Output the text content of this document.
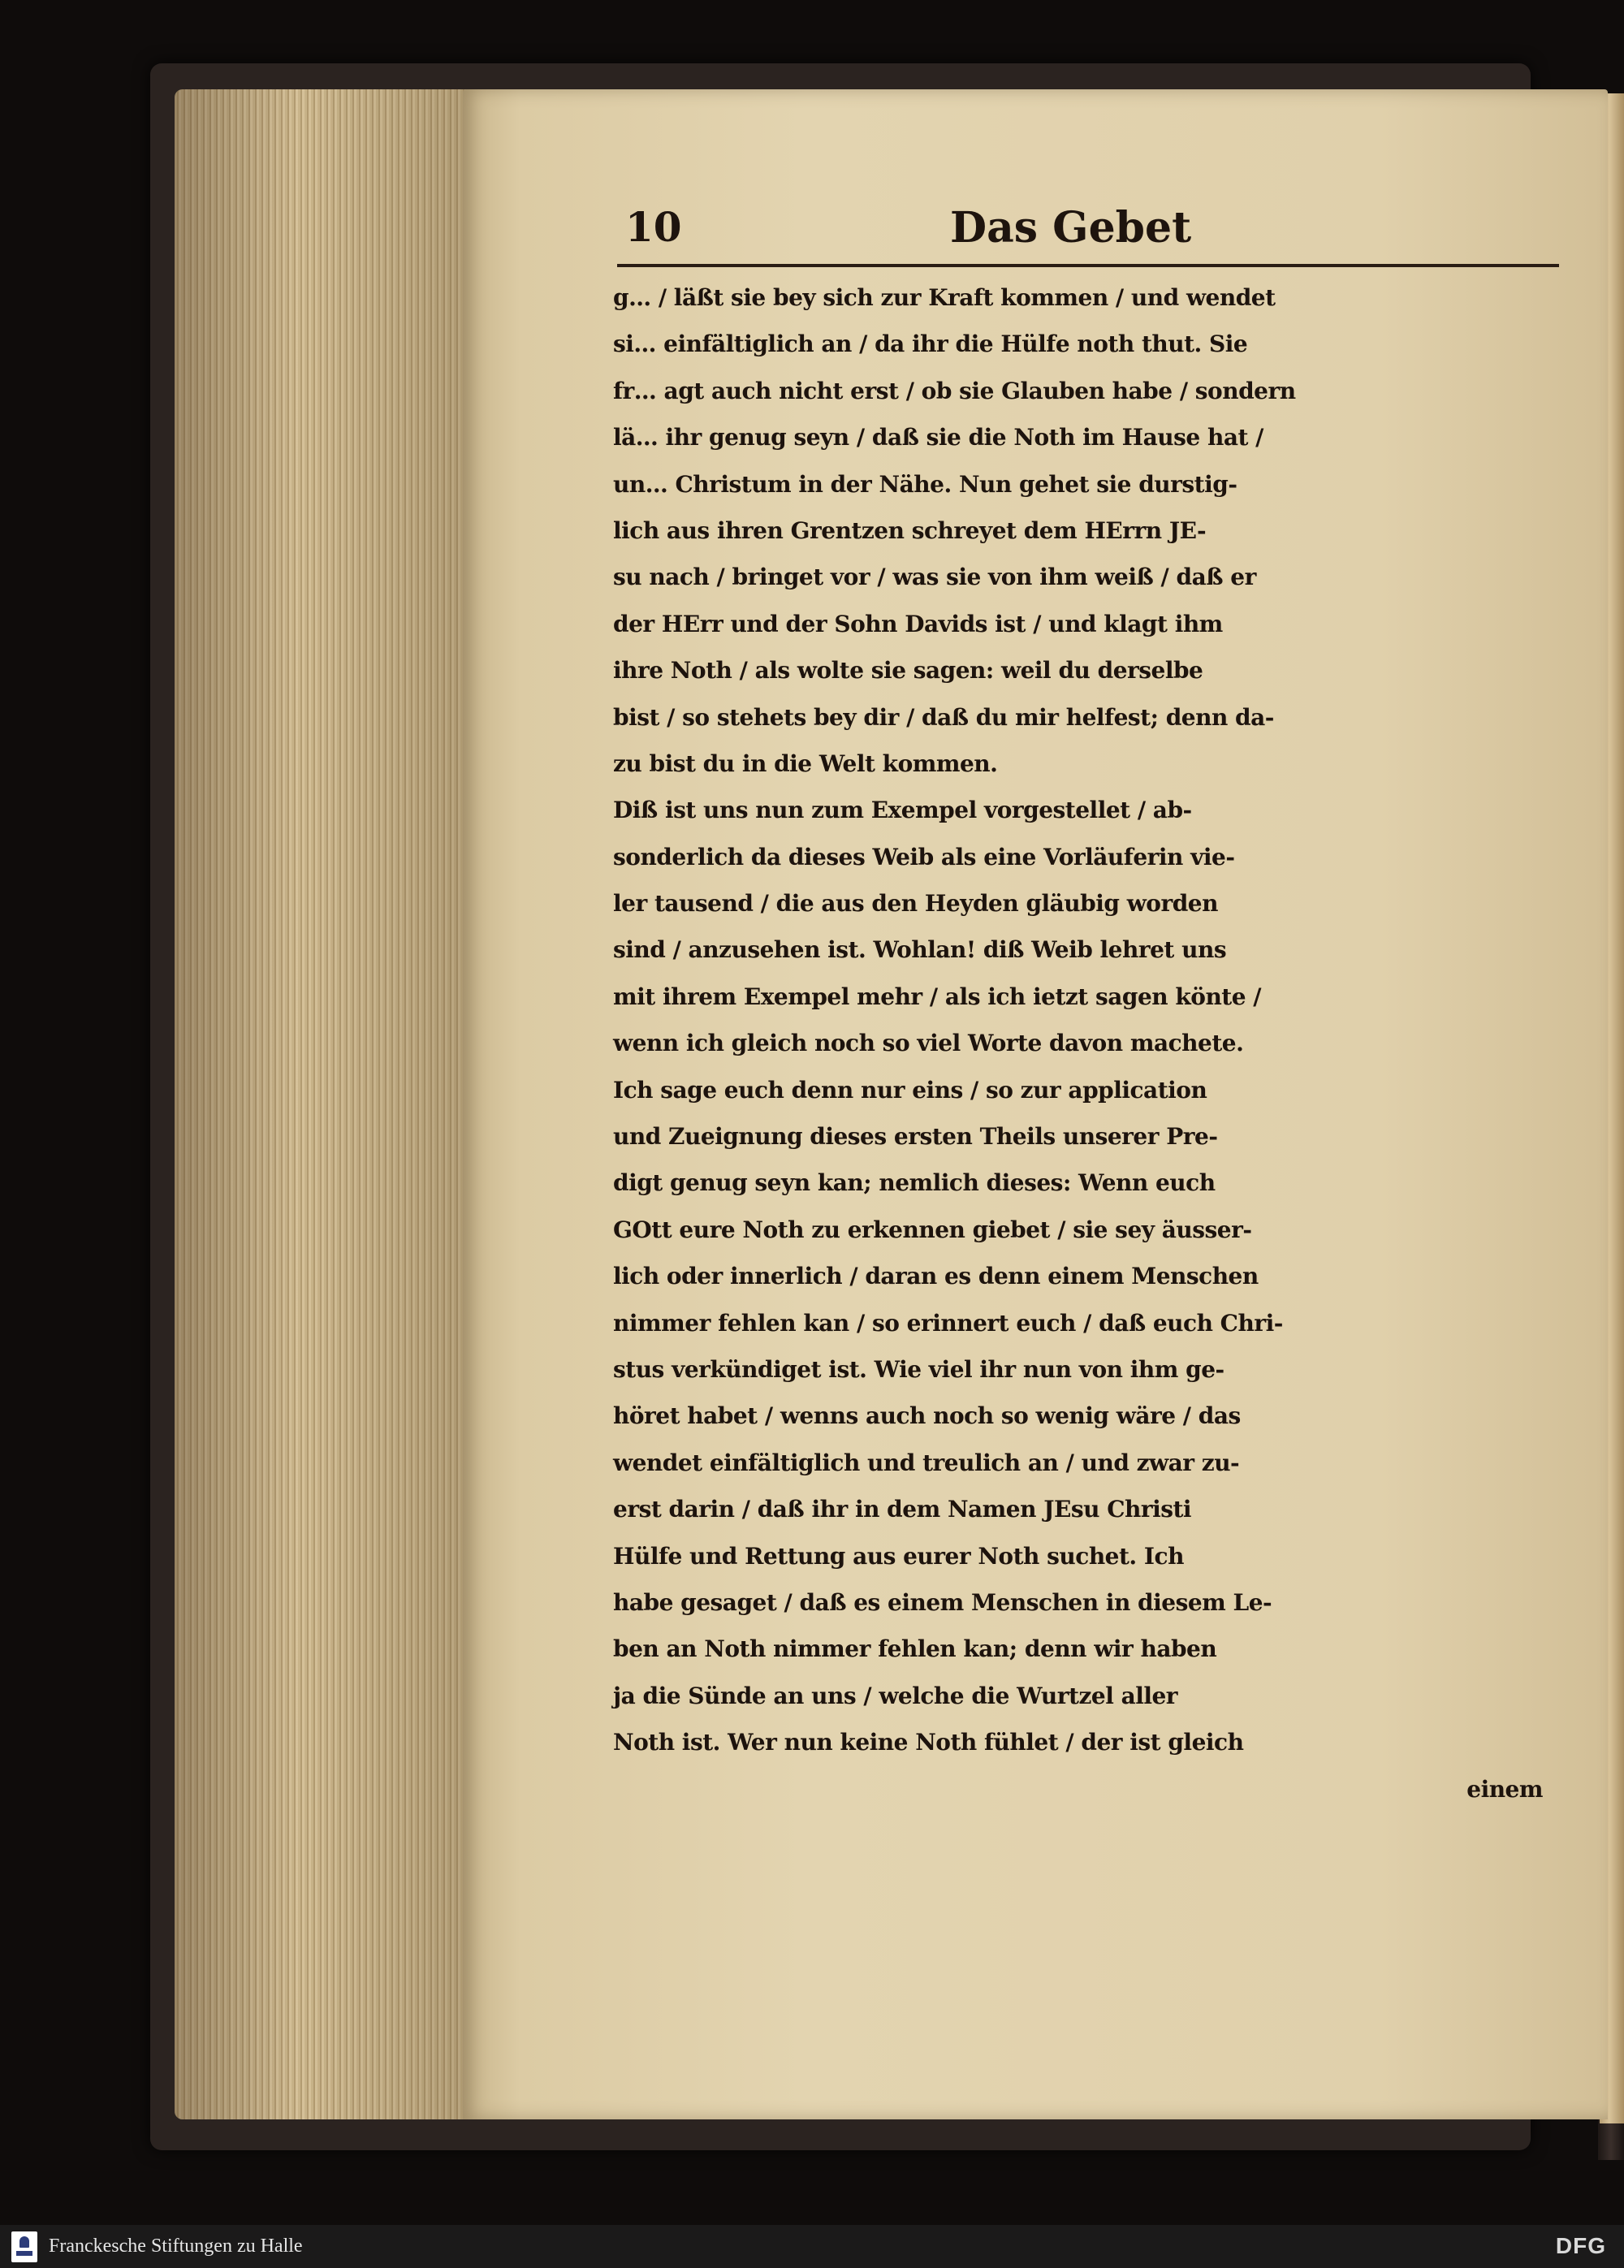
10	Das Gebet
g… / läßt sie bey sich zur Kraft kommen / und wendet
si… einfältiglich an / da ihr die Hülfe noth thut. Sie
fr… agt auch nicht erst / ob sie Glauben habe / sondern
lä… ihr genug seyn / daß sie die Noth im Hause hat /
un… Christum in der Nähe. Nun gehet sie durstig-
lich aus ihren Grentzen schreyet dem HErrn JE-
su nach / bringet vor / was sie von ihm weiß / daß er
der HErr und der Sohn Davids ist / und klagt ihm
ihre Noth / als wolte sie sagen: weil du derselbe
bist / so stehets bey dir / daß du mir helfest; denn da-
zu bist du in die Welt kommen.
Diß ist uns nun zum Exempel vorgestellet / ab-
sonderlich da dieses Weib als eine Vorläuferin vie-
ler tausend / die aus den Heyden gläubig worden
sind / anzusehen ist. Wohlan! diß Weib lehret uns
mit ihrem Exempel mehr / als ich ietzt sagen könte /
wenn ich gleich noch so viel Worte davon machete.
Ich sage euch denn nur eins / so zur application
und Zueignung dieses ersten Theils unserer Pre-
digt genug seyn kan; nemlich dieses: Wenn euch
GOtt eure Noth zu erkennen giebet / sie sey äusser-
lich oder innerlich / daran es denn einem Menschen
nimmer fehlen kan / so erinnert euch / daß euch Chri-
stus verkündiget ist. Wie viel ihr nun von ihm ge-
höret habet / wenns auch noch so wenig wäre / das
wendet einfältiglich und treulich an / und zwar zu-
erst darin / daß ihr in dem Namen JEsu Christi
Hülfe und Rettung aus eurer Noth suchet. Ich
habe gesaget / daß es einem Menschen in diesem Le-
ben an Noth nimmer fehlen kan; denn wir haben
ja die Sünde an uns / welche die Wurtzel aller
Noth ist. Wer nun keine Noth fühlet / der ist gleich
einem
Franckesche Stiftungen zu Halle	DFG
